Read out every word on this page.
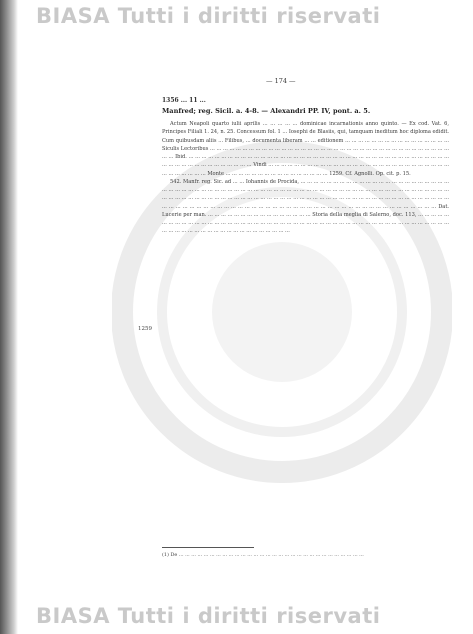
BIASA Tutti i diritti riservati
— 174 —
1356 ... 11 ...
Manfred; reg. Sicil. a. 4-8. — Alexandri PP. IV, pont. a. 5.
1259

Actum Neapoli quarto iulii aprilis ... ... ... ... ... dominicae incarnationis anno quinto. — Ex cod. Vat. 6, Principes Filiali 1. 24, n. 25. Concessum fol. 1 ... Iosephi de Blasiis, qui, tamquam ineditum hoc diploma edidit. Cum quibusdam aliis ... Filibus, ... documenta liberam ... ... editionem ... ... ... ... ... ... ... ... ... ... ... ... ... ... ... ... Siculis Lectoribus ... ... ... ... ... ... ... ... ... ... ... ... ... ... ... ... ... ... ... ... ... ... ... ... ... ... ... ... ... ... ... ... ... ... ... ... ... ... ... Ibid. ... ... ... ... ... ... ... ... ... ... ... ... ... ... ... ... ... ... ... ... ... ... ... ... ... ... ... ... ... ... ... ... ... ... ... ... ... ... ... ... ... ... ... ... ... ... ... ... ... ... ... ... ... ... Vindi ... ... ... ... ... ... ... ... ... ... ... ... ... ... ... ... ... ... ... ... ... ... ... ... ... ... ... ... ... ... ... ... ... ... ... Monte ... ... ... ... ... ... ... ... ... ... ... ... ... ... ... ... 1259. Cf. Agnolli. Op. cit. p. 15.

542. Manfr. reg. Sic. ad ... ... Iohannis de Procida, ... ... ... ... ... ... ... ... ... ... ... ... ... ... ... ... ... ... ... ... ... ... ... ... ... ... ... ... ... ... ... ... ... ... ... ... ... ... ... ... ... ... ... ... ... ... ... ... ... ... ... ... ... ... ... ... ... ... ... ... ... ... ... ... ... ... ... ... ... ... ... ... ... ... ... ... ... ... ... ... ... ... ... ... ... ... ... ... ... ... ... ... ... ... ... ... ... ... ... ... ... ... ... ... ... ... ... ... ... ... ... ... ... ... ... ... ... ... ... ... ... ... ... ... ... ... ... ... ... ... ... ... ... ... ... ... ... ... ... ... ... ... ... ... ... ... ... ... ... ... ... Dat. Lucerie per man. ... ... ... ... ... ... ... ... ... ... ... ... ... ... ... ... Storia della meglia di Salerno, doc. 113, ... ... ... ... ... ... ... ... ... ... ... ... ... ... ... ... ... ... ... ... ... ... ... ... ... ... ... ... ... ... ... ... ... ... ... ... ... ... ... ... ... ... ... ... ... ... ... ... ... ... ... ... ... ... ... ... ... ... ... ... ... ... ... ... ... ... ... ... ...

(1) De ... ... ... ... ... ... ... ... ... ... ... ... ... ... ... ... ... ... ... ... ... ... ... ... ... ... ... ... ... ...
BIASA Tutti i diritti riservati
